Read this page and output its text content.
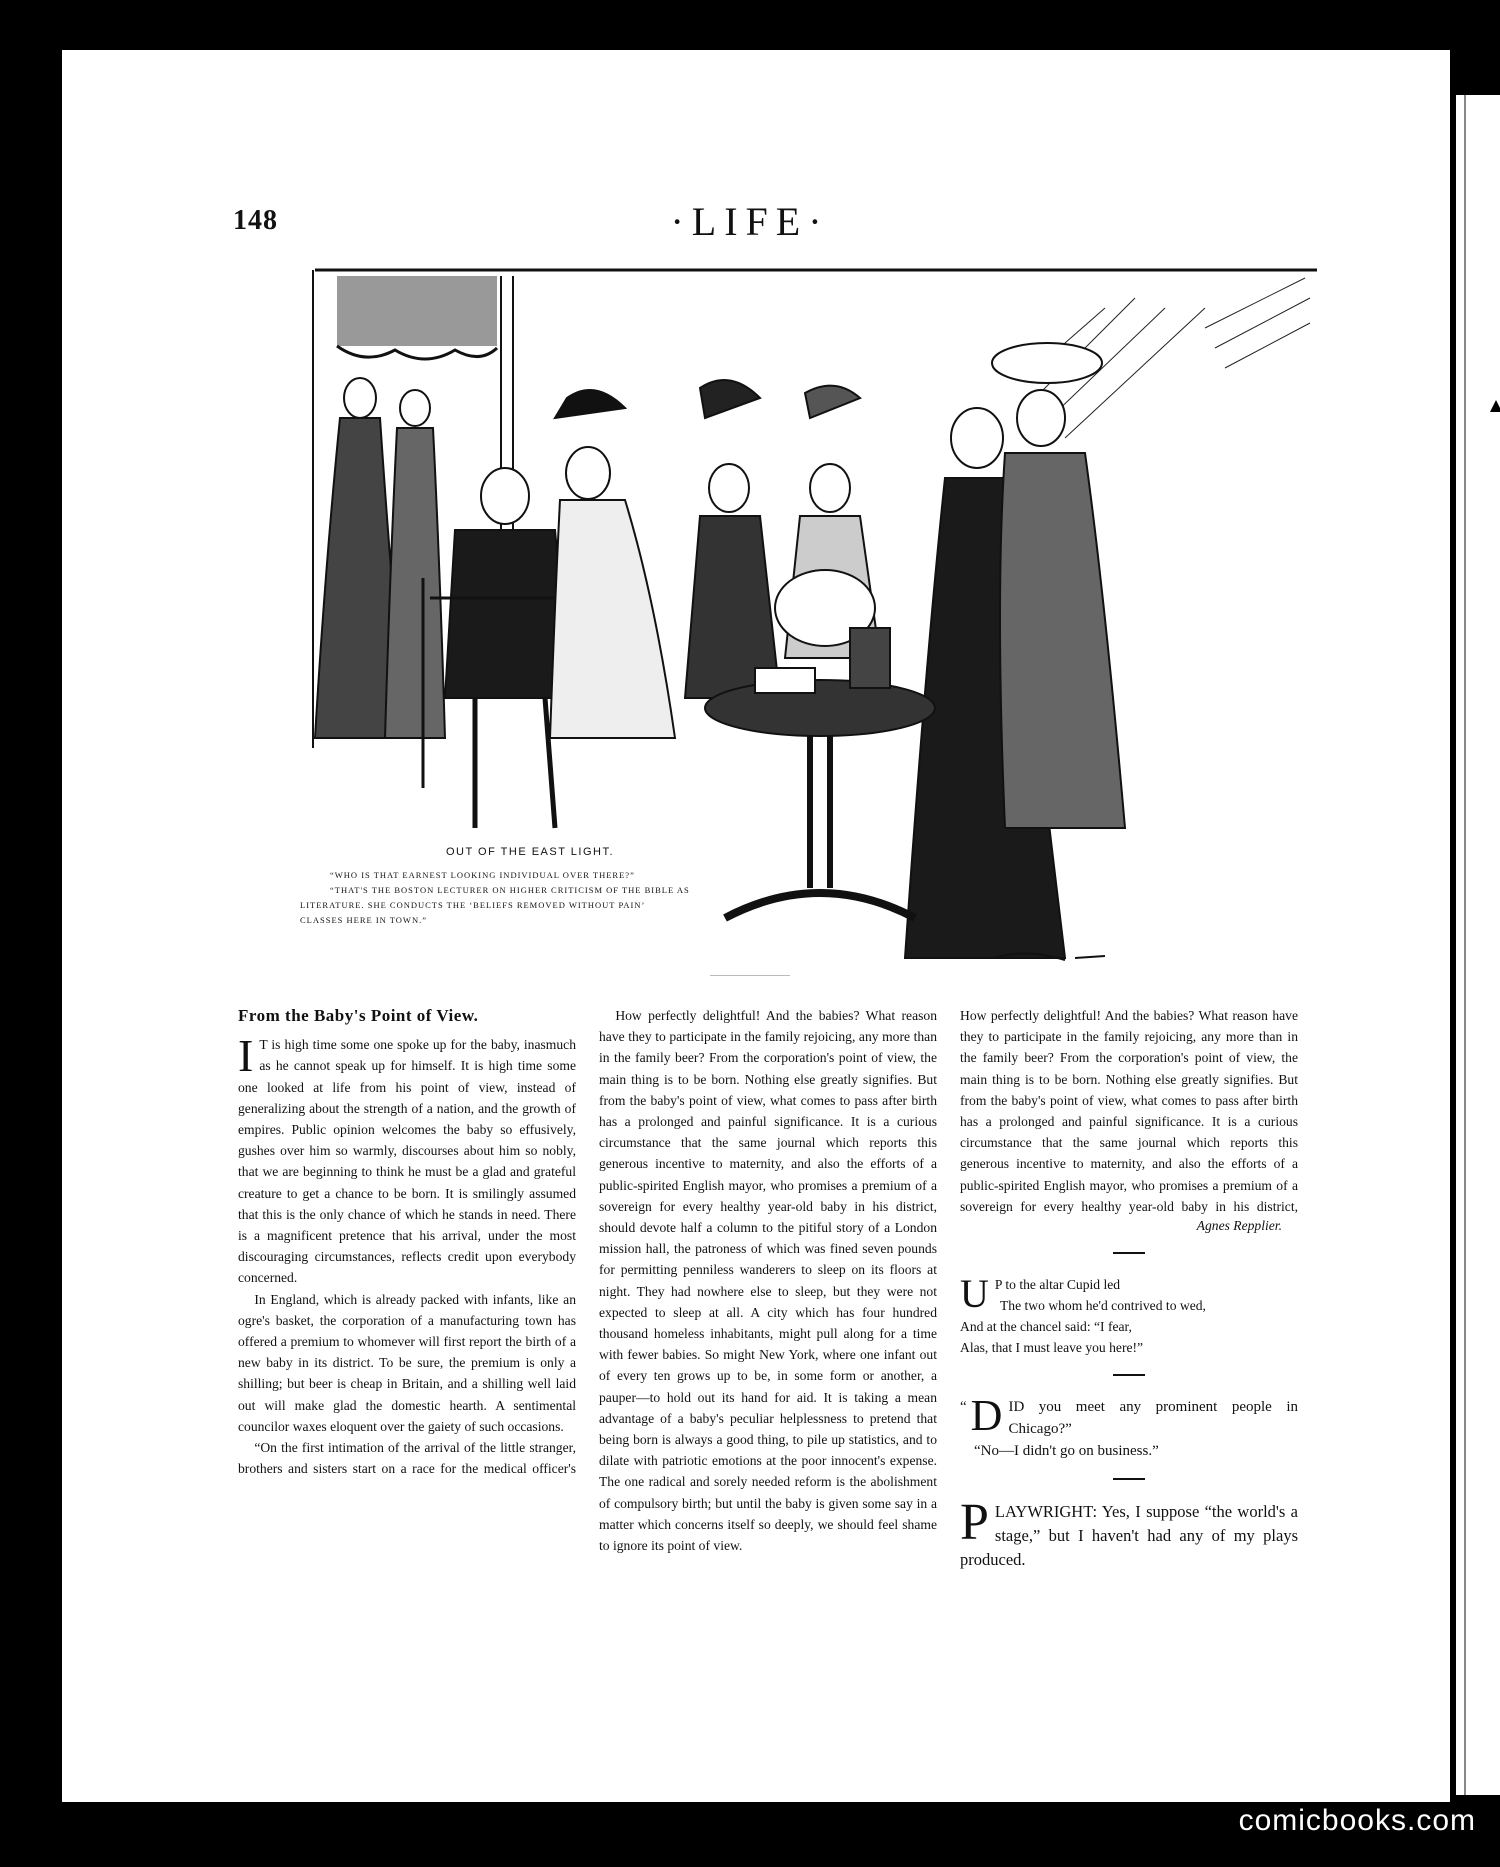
148	·LIFE·

OUT OF THE EAST LIGHT.

“WHO IS THAT EARNEST LOOKING INDIVIDUAL OVER THERE?”

“THAT'S THE BOSTON LECTURER ON HIGHER CRITICISM OF THE BIBLE AS

LITERATURE. SHE CONDUCTS THE ‘BELIEFS REMOVED WITHOUT PAIN’

CLASSES HERE IN TOWN.”

From the Baby's Point of View.

I T is high time some one spoke up for the baby, inasmuch as he cannot speak up for himself. It is high time some one looked at life from his point of view, instead of generalizing about the strength of a nation, and the growth of empires. Public opinion welcomes the baby so effusively, gushes over him so warmly, discourses about him so nobly, that we are beginning to think he must be a glad and grateful creature to get a chance to be born. It is smilingly assumed that this is the only chance of which he stands in need. There is a magnificent pretence that his arrival, under the most discouraging circumstances, reflects credit upon everybody concerned.

In England, which is already packed with infants, like an ogre's basket, the corporation of a manufacturing town has offered a premium to whomever will first report the birth of a new baby in its district. To be sure, the premium is only a shilling; but beer is cheap in Britain, and a shilling well laid out will make glad the domestic hearth. A sentimental councilor waxes eloquent over the gaiety of such occasions.

“On the first intimation of the arrival of the little stranger, brothers and sisters start on a race for the medical officer's

How perfectly delightful! And the babies? What reason have they to participate in the family rejoicing, any more than in the family beer? From the corporation's point of view, the main thing is to be born. Nothing else greatly signifies. But from the baby's point of view, what comes to pass after birth has a prolonged and painful significance. It is a curious circumstance that the same journal which reports this generous incentive to maternity, and also the efforts of a public-spirited English mayor, who promises a premium of a sovereign for every healthy year-old baby in his district, should devote half a column to the pitiful story of a London mission hall, the patroness of which was fined seven pounds for permitting penniless wanderers to sleep on its floors at night. They had nowhere else to sleep, but they were not expected to sleep at all. A city which has four hundred thousand homeless inhabitants, might pull along for a time with fewer babies. So might New York, where one infant out of every ten grows up to be, in some form or another, a pauper—to hold out its hand for aid. It is taking a mean advantage of a baby's peculiar helplessness to pretend that being born is always a good thing, to pile up statistics, and to dilate with patriotic emotions at the poor innocent's expense. The one radical and sorely needed reform is the abolishment of compulsory birth; but until the baby is given some say in a matter which concerns itself so deeply, we should feel shame to ignore its point of view.

How perfectly delightful! And the babies? What reason have they to participate in the family rejoicing, any more than in the family beer? From the corporation's point of view, the main thing is to be born. Nothing else greatly signifies. But from the baby's point of view, what comes to pass after birth has a prolonged and painful significance. It is a curious circumstance that the same journal which reports this generous incentive to maternity, and also the efforts of a public-spirited English mayor, who promises a premium of a sovereign for every healthy year-old baby in his district,

Agnes Repplier.

U P to the altar Cupid led

The two whom he'd contrived to wed,

And at the chancel said: “I fear,

Alas, that I must leave you here!”

“ D ID you meet any prominent people in Chicago?”

“No—I didn't go on business.”

PLAYWRIGHT: Yes, I suppose “the world's a stage,” but I haven't had any of my plays produced.

comicbooks.com
